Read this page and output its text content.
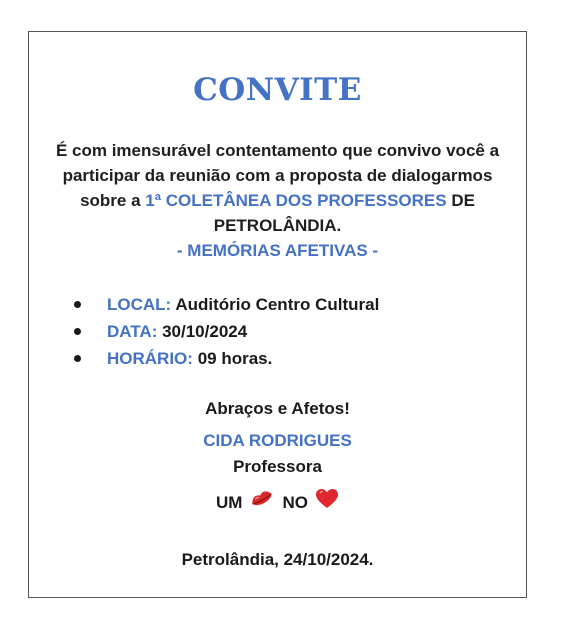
CONVITE
É com imensurável contentamento que convivo você a
participar da reunião com a proposta de dialogarmos
sobre a 1ª COLETÂNEA DOS PROFESSORES DE
PETROLÂNDIA.
- MEMÓRIAS AFETIVAS -
LOCAL: Auditório Centro Cultural
DATA: 30/10/2024
HORÁRIO: 09 horas.
Abraços e Afetos!
CIDA RODRIGUES
Professora
UM NO
Petrolândia, 24/10/2024.
